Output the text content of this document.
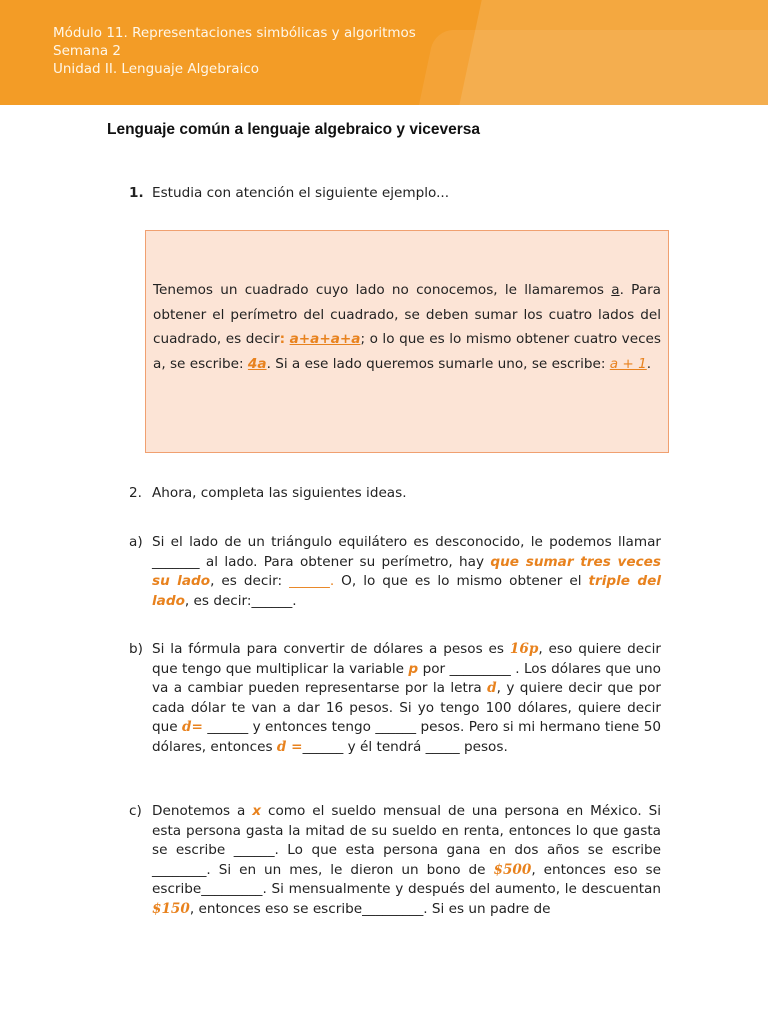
Módulo 11. Representaciones simbólicas y algoritmos
Semana 2
Unidad II. Lenguaje Algebraico
Lenguaje común a lenguaje algebraico y viceversa
1. Estudia con atención el siguiente ejemplo...
Tenemos un cuadrado cuyo lado no conocemos, le llamaremos a. Para obtener el perímetro del cuadrado, se deben sumar los cuatro lados del cuadrado, es decir: a+a+a+a; o lo que es lo mismo obtener cuatro veces a, se escribe: 4a. Si a ese lado queremos sumarle uno, se escribe: a + 1.
2. Ahora, completa las siguientes ideas.
a) Si el lado de un triángulo equilátero es desconocido, le podemos llamar _______ al lado. Para obtener su perímetro, hay que sumar tres veces su lado, es decir: ______. O, lo que es lo mismo obtener el triple del lado, es decir:______.
b) Si la fórmula para convertir de dólares a pesos es 16p, eso quiere decir que tengo que multiplicar la variable p por _________ . Los dólares que uno va a cambiar pueden representarse por la letra d, y quiere decir que por cada dólar te van a dar 16 pesos. Si yo tengo 100 dólares, quiere decir que d= ______ y entonces tengo ______ pesos. Pero si mi hermano tiene 50 dólares, entonces d =______ y él tendrá _____ pesos.
c) Denotemos a x como el sueldo mensual de una persona en México. Si esta persona gasta la mitad de su sueldo en renta, entonces lo que gasta se escribe ______. Lo que esta persona gana en dos años se escribe ________. Si en un mes, le dieron un bono de $500, entonces eso se escribe_________. Si mensualmente y después del aumento, le descuentan $150, entonces eso se escribe_________. Si es un padre de
